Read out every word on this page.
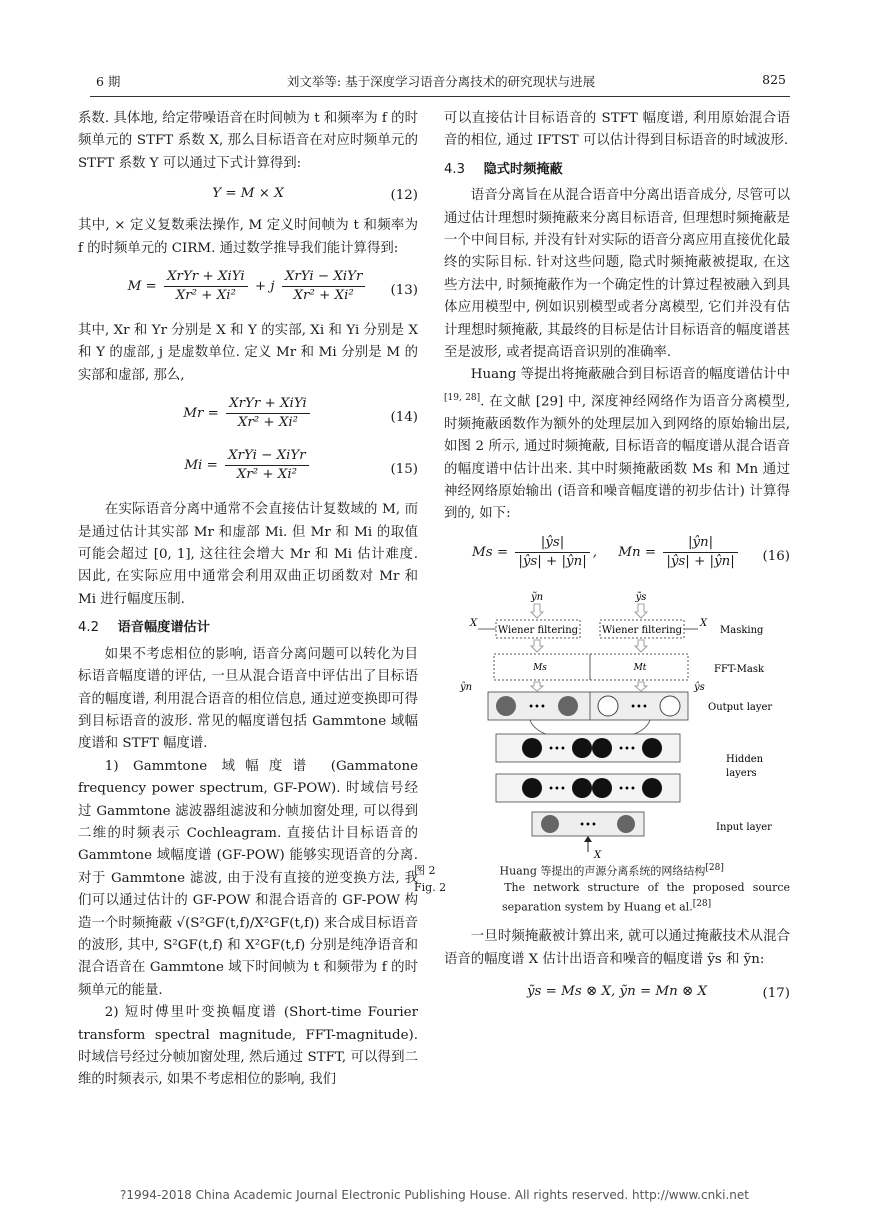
6 期	刘文举等: 基于深度学习语音分离技术的研究现状与进展	825

系数. 具体地, 给定带噪语音在时间帧为 t 和频率为 f 的时频单元的 STFT 系数 X, 那么目标语音在对应时频单元的 STFT 系数 Y 可以通过下式计算得到:

Y = M × X	(12)

其中, × 定义复数乘法操作, M 定义时间帧为 t 和频率为 f 的时频单元的 CIRM. 通过数学推导我们能计算得到:

$M = \frac{\text{XrYr + XiYi}}{\text{Xr² + Xi²}} + j \frac{\text{XrYi − XiYr}}{\text{Xr² + Xi²}} (13)$

其中, Xr 和 Yr 分别是 X 和 Y 的实部, Xi 和 Yi 分别是 X 和 Y 的虚部, j 是虚数单位. 定义 Mr 和 Mi 分别是 M 的实部和虚部, 那么,

$Mr = \frac{\text{XrYr + XiYi}}{\text{Xr² + Xi²}}$	(14)
$Mi = \frac{\text{XrYi − XiYr}}{\text{Xr² + Xi²}}$	(15)

在实际语音分离中通常不会直接估计复数域的 M, 而是通过估计其实部 Mr 和虚部 Mi. 但 Mr 和 Mi 的取值可能会超过 [0, 1], 这往往会增大 Mr 和 Mi 估计难度. 因此, 在实际应用中通常会利用双曲正切函数对 Mr 和 Mi 进行幅度压制.

4.2 语音幅度谱估计

如果不考虑相位的影响, 语音分离问题可以转化为目标语音幅度谱的评估, 一旦从混合语音中评估出了目标语音的幅度谱, 利用混合语音的相位信息, 通过逆变换即可得到目标语音的波形. 常见的幅度谱包括 Gammtone 域幅度谱和 STFT 幅度谱.

1) Gammtone 域幅度谱 (Gammatone frequency power spectrum, GF-POW). 时域信号经过 Gammtone 滤波器组滤波和分帧加窗处理, 可以得到二维的时频表示 Cochleagram. 直接估计目标语音的 Gammtone 域幅度谱 (GF-POW) 能够实现语音的分离. 对于 Gammtone 滤波, 由于没有直接的逆变换方法, 我们可以通过估计的 GF-POW 和混合语音的 GF-POW 构造一个时频掩蔽 √(S²GF(t,f)/X²GF(t,f)) 来合成目标语音的波形, 其中, S²GF(t,f) 和 X²GF(t,f) 分别是纯净语音和混合语音在 Gammtone 域下时间帧为 t 和频带为 f 的时频单元的能量.

2) 短时傅里叶变换幅度谱 (Short-time Fourier transform spectral magnitude, FFT-magnitude). 时域信号经过分帧加窗处理, 然后通过 STFT, 可以得到二维的时频表示, 如果不考虑相位的影响, 我们

可以直接估计目标语音的 STFT 幅度谱, 利用原始混合语音的相位, 通过 IFTST 可以估计得到目标语音的时域波形.

4.3 隐式时频掩蔽

语音分离旨在从混合语音中分离出语音成分, 尽管可以通过估计理想时频掩蔽来分离目标语音, 但理想时频掩蔽是一个中间目标, 并没有针对实际的语音分离应用直接优化最终的实际目标. 针对这些问题, 隐式时频掩蔽被提取, 在这些方法中, 时频掩蔽作为一个确定性的计算过程被融入到具体应用模型中, 例如识别模型或者分离模型, 它们并没有估计理想时频掩蔽, 其最终的目标是估计目标语音的幅度谱甚至是波形, 或者提高语音识别的准确率.

Huang 等提出将掩蔽融合到目标语音的幅度谱估计中[19, 28]. 在文献 [29] 中, 深度神经网络作为语音分离模型, 时频掩蔽函数作为额外的处理层加入到网络的原始输出层, 如图 2 所示, 通过时频掩蔽, 目标语音的幅度谱从混合语音的幅度谱中估计出来. 其中时频掩蔽函数 Ms 和 Mn 通过神经网络原始输出 (语音和噪音幅度谱的初步估计) 计算得到的, 如下:

$Ms = \frac{|ŷs|}{|ŷs| + |ŷn|}$ ,     $Mn = \frac{|ŷn|}{|ŷs| + |ŷn|} (16)$
ỹn	ỹs
Wiener filtering Wiener filtering
X	X
Masking
Ms	Mt	FFT-Mask
ŷn	ŷs
•••	•••	Output layer
•••	•••
•••	•••
Hidden
layers
•••	Input layer
X
图 2	Huang 等提出的声源分离系统的网络结构[28]
Fig. 2	The network structure of the proposed source separation system by Huang et al.[28]

一旦时频掩蔽被计算出来, 就可以通过掩蔽技术从混合语音的幅度谱 X 估计出语音和噪音的幅度谱 ỹs 和 ỹn:

ỹs = Ms ⊗ X, ỹn = Mn ⊗ X	(17)
?1994-2018 China Academic Journal Electronic Publishing House. All rights reserved. http://www.cnki.net
